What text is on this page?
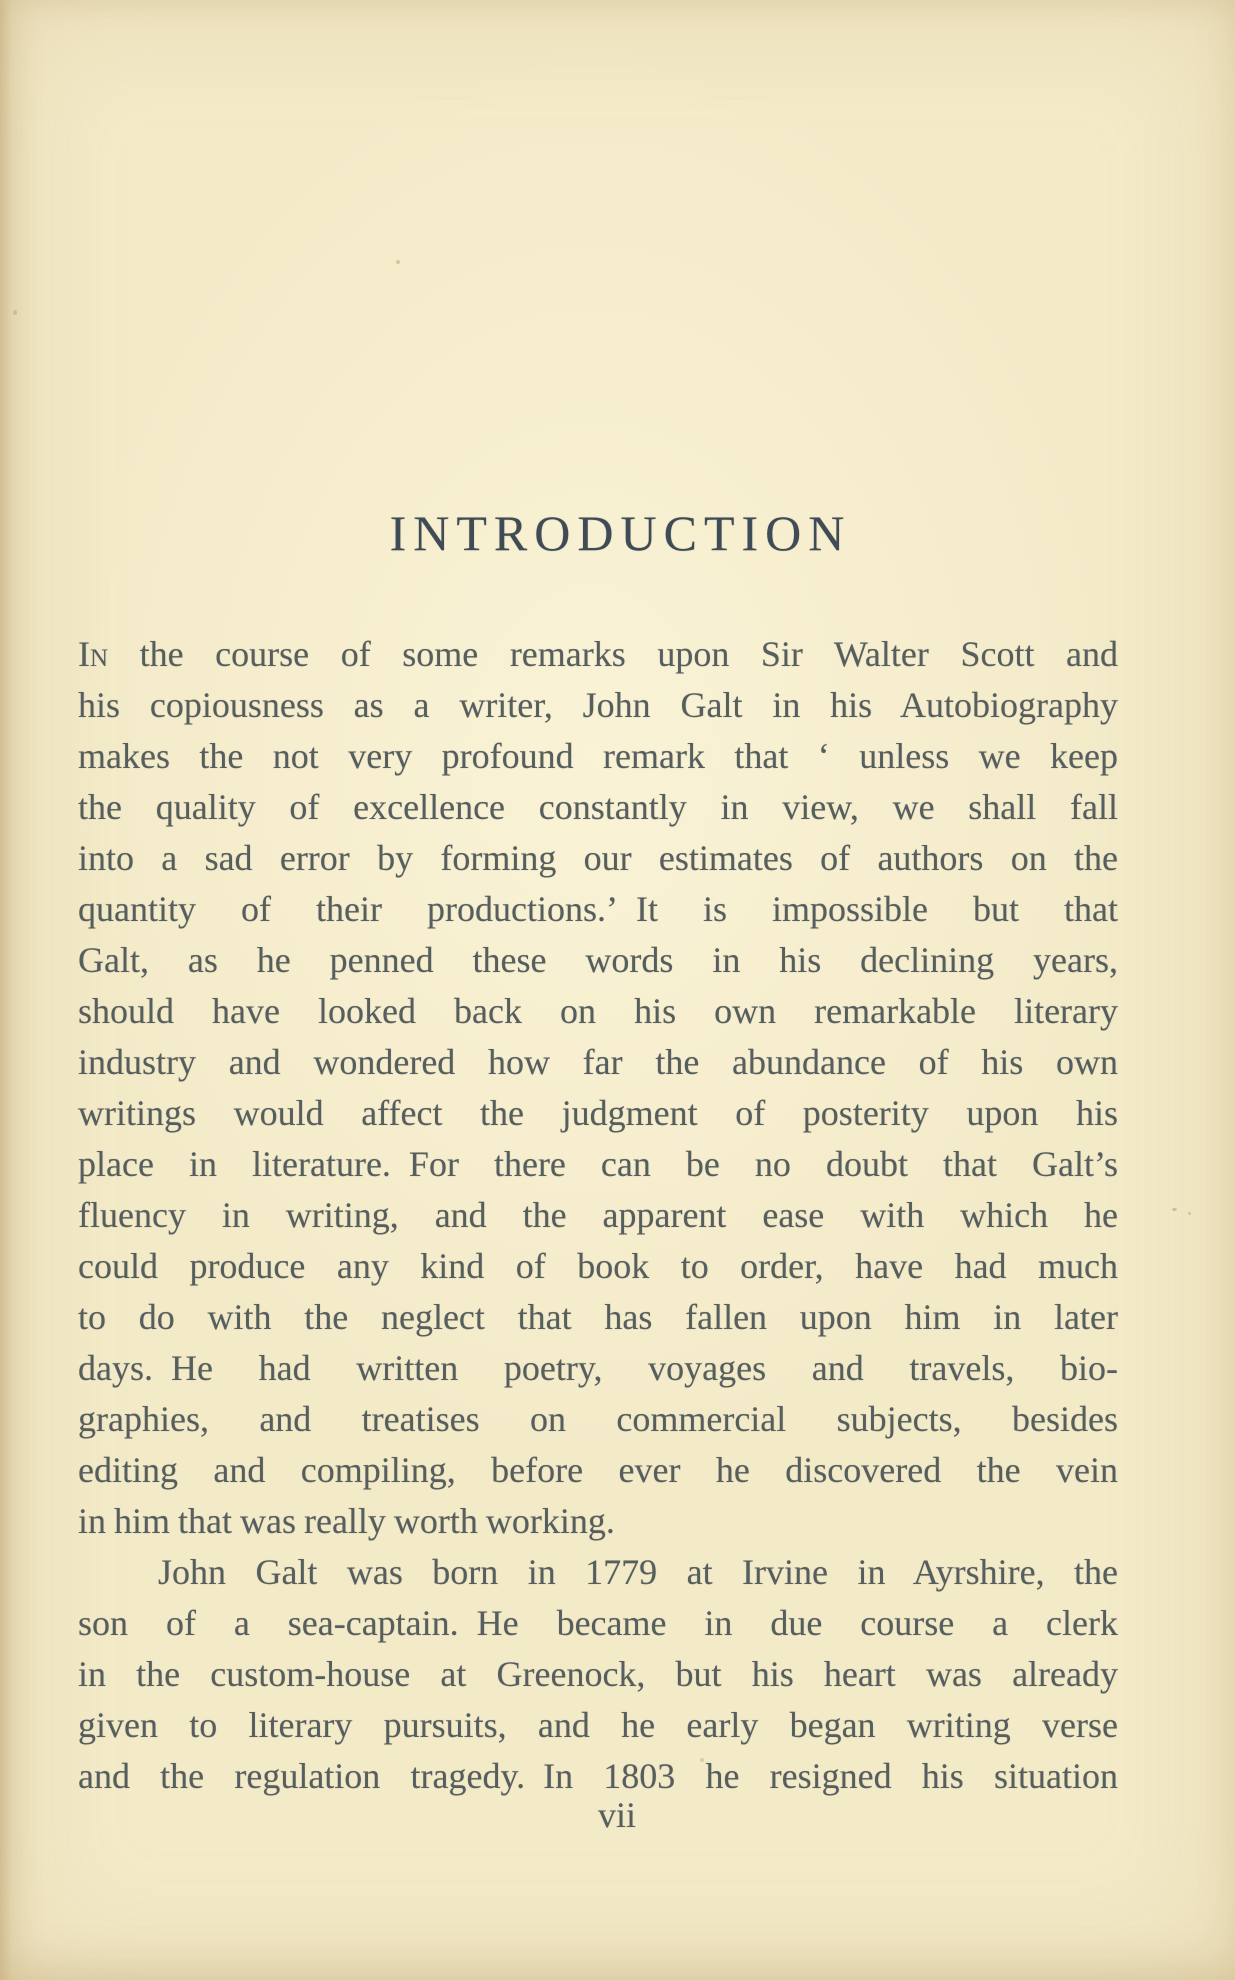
INTRODUCTION
In the course of some remarks upon Sir Walter Scott and
his copiousness as a writer, John Galt in his Autobiography
makes the not very profound remark that ‘ unless we keep
the quality of excellence constantly in view, we shall fall
into a sad error by forming our estimates of authors on the
quantity of their productions.’ It is impossible but that
Galt, as he penned these words in his declining years,
should have looked back on his own remarkable literary
industry and wondered how far the abundance of his own
writings would affect the judgment of posterity upon his
place in literature. For there can be no doubt that Galt’s
fluency in writing, and the apparent ease with which he
could produce any kind of book to order, have had much
to do with the neglect that has fallen upon him in later
days. He had written poetry, voyages and travels, bio-
graphies, and treatises on commercial subjects, besides
editing and compiling, before ever he discovered the vein
in him that was really worth working.
John Galt was born in 1779 at Irvine in Ayrshire, the
son of a sea-captain. He became in due course a clerk
in the custom-house at Greenock, but his heart was already
given to literary pursuits, and he early began writing verse
and the regulation tragedy. In 1803 he resigned his situation
vii
